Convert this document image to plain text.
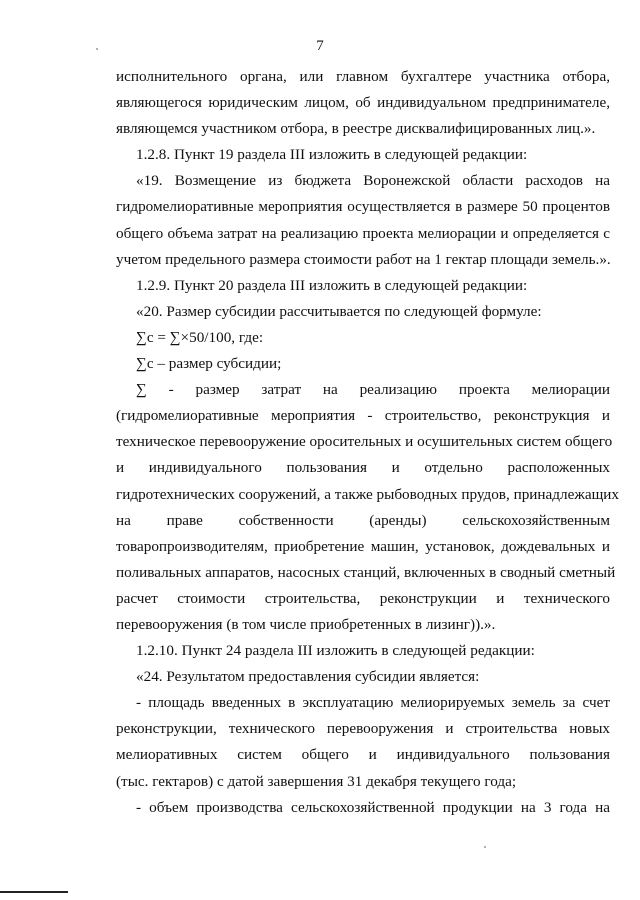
7
исполнительного органа, или главном бухгалтере участника отбора,
являющегося юридическим лицом, об индивидуальном предпринимателе,
являющемся участником отбора, в реестре дисквалифицированных лиц.».
1.2.8. Пункт 19 раздела III изложить в следующей редакции:
«19. Возмещение из бюджета Воронежской области расходов на
гидромелиоративные мероприятия осуществляется в размере 50 процентов
общего объема затрат на реализацию проекта мелиорации и определяется с
учетом предельного размера стоимости работ на 1 гектар площади земель.».
1.2.9. Пункт 20 раздела III изложить в следующей редакции:
«20. Размер субсидии рассчитывается по следующей формуле:
∑с = ∑×50/100, где:
∑с – размер субсидии;
∑ - размер затрат на реализацию проекта мелиорации
(гидромелиоративные мероприятия - строительство, реконструкция и
техническое перевооружение оросительных и осушительных систем общего
и индивидуального пользования и отдельно расположенных
гидротехнических сооружений, а также рыбоводных прудов, принадлежащих
на праве собственности (аренды) сельскохозяйственным
товаропроизводителям, приобретение машин, установок, дождевальных и
поливальных аппаратов, насосных станций, включенных в сводный сметный
расчет стоимости строительства, реконструкции и технического
перевооружения (в том числе приобретенных в лизинг)).».
1.2.10. Пункт 24 раздела III изложить в следующей редакции:
«24. Результатом предоставления субсидии является:
- площадь введенных в эксплуатацию мелиорируемых земель за счет
реконструкции, технического перевооружения и строительства новых
мелиоративных систем общего и индивидуального пользования
(тыс. гектаров) с датой завершения 31 декабря текущего года;
- объем производства сельскохозяйственной продукции на 3 года на
